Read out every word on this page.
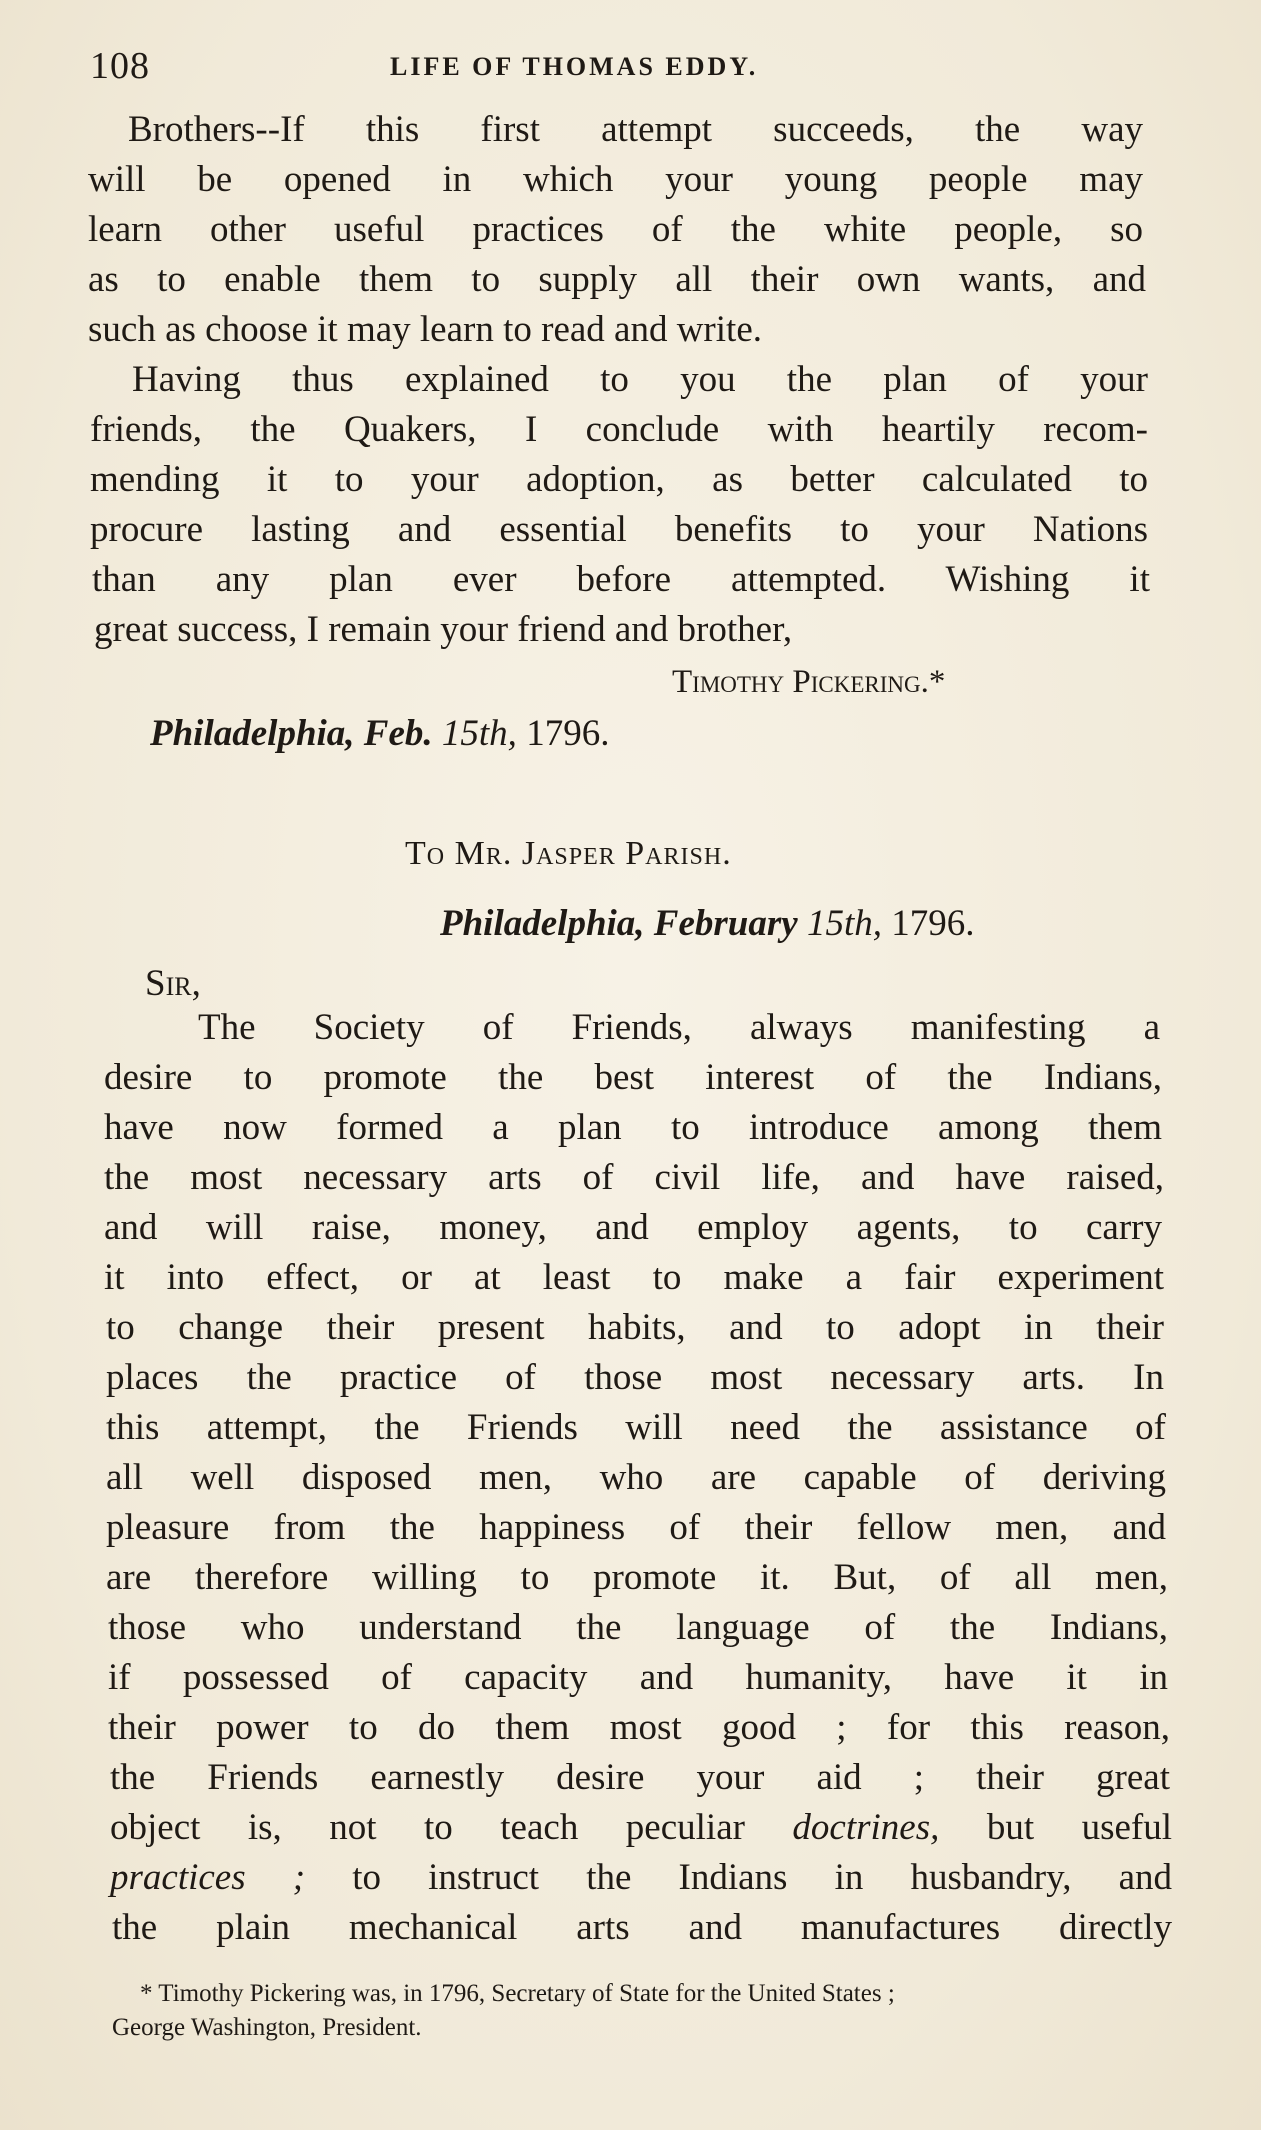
108	LIFE OF THOMAS EDDY.
Brothers--If this first attempt succeeds, the way
will be opened in which your young people may
learn other useful practices of the white people, so
as to enable them to supply all their own wants, and
such as choose it may learn to read and write.
Having thus explained to you the plan of your
friends, the Quakers, I conclude with heartily recom-
mending it to your adoption, as better calculated to
procure lasting and essential benefits to your Nations
than any plan ever before attempted. Wishing it
great success, I remain your friend and brother,
Timothy Pickering.*
Philadelphia, Feb. 15th, 1796.
To Mr. Jasper Parish.
Philadelphia, February 15th, 1796.
Sir,
The Society of Friends, always manifesting a
desire to promote the best interest of the Indians,
have now formed a plan to introduce among them
the most necessary arts of civil life, and have raised,
and will raise, money, and employ agents, to carry
it into effect, or at least to make a fair experiment
to change their present habits, and to adopt in their
places the practice of those most necessary arts. In
this attempt, the Friends will need the assistance of
all well disposed men, who are capable of deriving
pleasure from the happiness of their fellow men, and
are therefore willing to promote it. But, of all men,
those who understand the language of the Indians,
if possessed of capacity and humanity, have it in
their power to do them most good ; for this reason,
the Friends earnestly desire your aid ; their great
object is, not to teach peculiar doctrines, but useful
practices ; to instruct the Indians in husbandry, and
the plain mechanical arts and manufactures directly
* Timothy Pickering was, in 1796, Secretary of State for the United States ;
George Washington, President.
